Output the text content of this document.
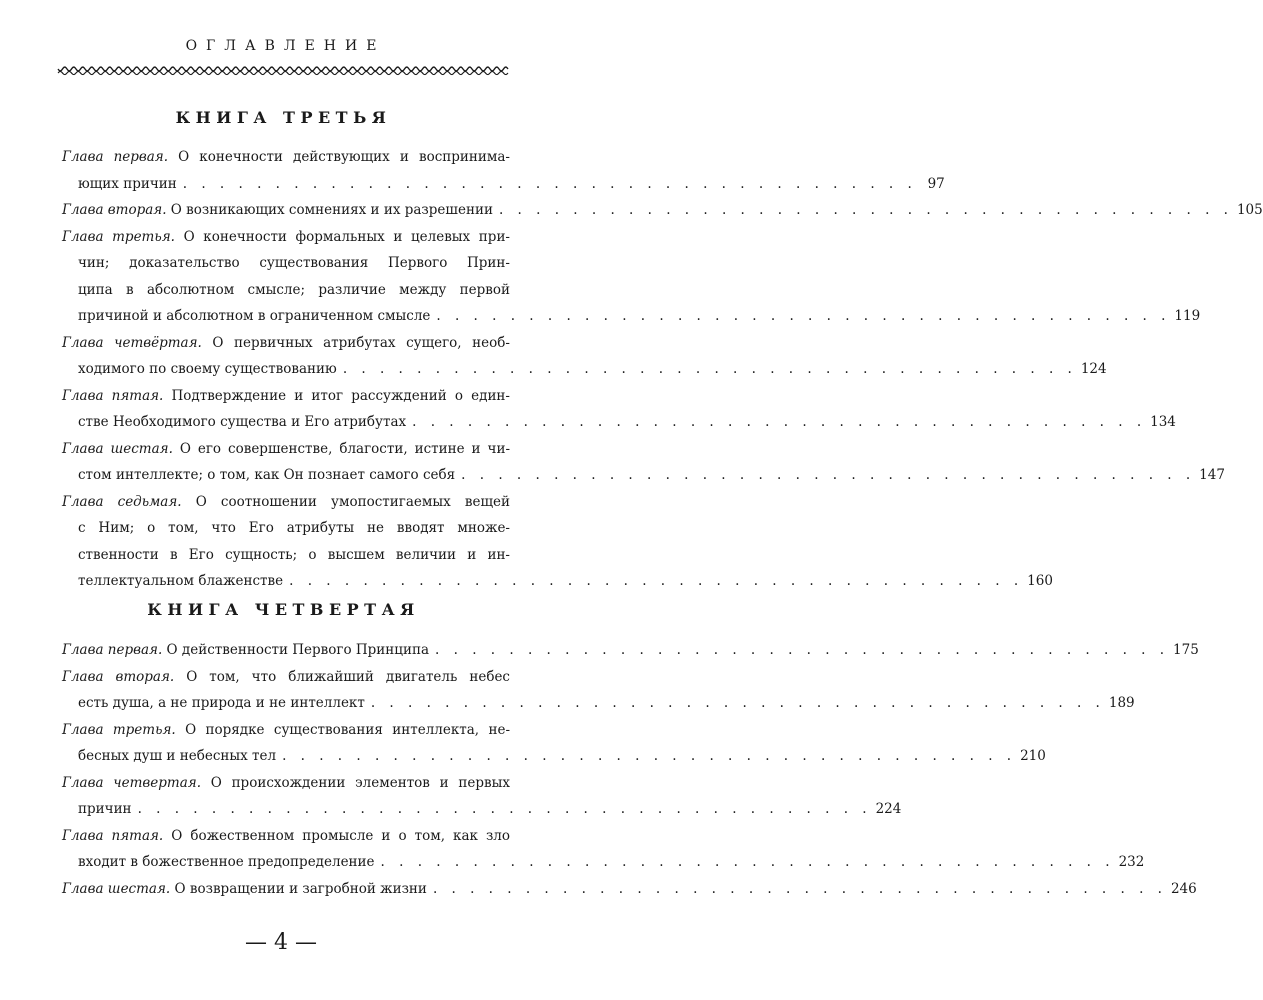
ОГЛАВЛЕНИЕ
КНИГА ТРЕТЬЯ
Глава первая. О конечности действующих и воспринима-
ющих причин . . . . . . . . . . . . . . . . . . . . . . . . . . . . . . . . . . . . . . . . 97
Глава вторая. О возникающих сомнениях и их разрешении . . . . . . . . . . . . . . . . . . . . . . . . . . . . . . . . . . . . . . . . 105
Глава третья. О конечности формальных и целевых при-
чин; доказательство существования Первого Прин-
ципа в абсолютном смысле; различие между первой
причиной и абсолютном в ограниченном смысле . . . . . . . . . . . . . . . . . . . . . . . . . . . . . . . . . . . . . . . . 119
Глава четвёртая. О первичных атрибутах сущего, необ-
ходимого по своему существованию . . . . . . . . . . . . . . . . . . . . . . . . . . . . . . . . . . . . . . . . 124
Глава пятая. Подтверждение и итог рассуждений о един-
стве Необходимого существа и Его атрибутах . . . . . . . . . . . . . . . . . . . . . . . . . . . . . . . . . . . . . . . . 134
Глава шестая. О его совершенстве, благости, истине и чи-
стом интеллекте; о том, как Он познает самого себя . . . . . . . . . . . . . . . . . . . . . . . . . . . . . . . . . . . . . . . . 147
Глава седьмая. О соотношении умопостигаемых вещей
с Ним; о том, что Его атрибуты не вводят множе-
ственности в Его сущность; о высшем величии и ин-
теллектуальном блаженстве . . . . . . . . . . . . . . . . . . . . . . . . . . . . . . . . . . . . . . . . 160
КНИГА ЧЕТВЕРТАЯ
Глава первая. О действенности Первого Принципа . . . . . . . . . . . . . . . . . . . . . . . . . . . . . . . . . . . . . . . . 175
Глава вторая. О том, что ближайший двигатель небес
есть душа, а не природа и не интеллект . . . . . . . . . . . . . . . . . . . . . . . . . . . . . . . . . . . . . . . . 189
Глава третья. О порядке существования интеллекта, не-
бесных душ и небесных тел . . . . . . . . . . . . . . . . . . . . . . . . . . . . . . . . . . . . . . . . 210
Глава четвертая. О происхождении элементов и первых
причин . . . . . . . . . . . . . . . . . . . . . . . . . . . . . . . . . . . . . . . . 224
Глава пятая. О божественном промысле и о том, как зло
входит в божественное предопределение . . . . . . . . . . . . . . . . . . . . . . . . . . . . . . . . . . . . . . . . 232
Глава шестая. О возвращении и загробной жизни . . . . . . . . . . . . . . . . . . . . . . . . . . . . . . . . . . . . . . . . 246
— 4 —
